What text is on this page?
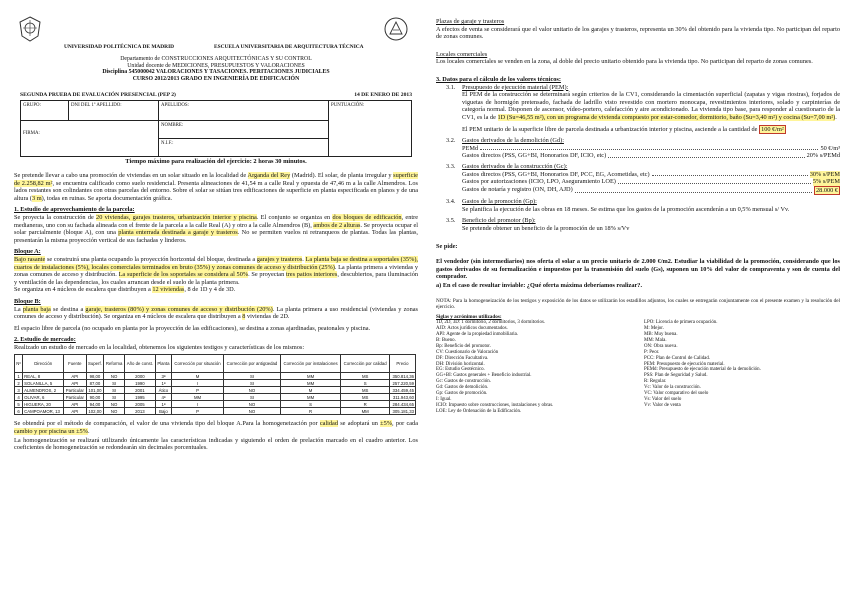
UNIVERSIDAD POLITÉCNICA DE MADRID	ESCUELA UNIVERSITARIA DE ARQUITECTURA TÉCNICA
Departamento de CONSTRUCCIONES ARQUITECTÓNICAS Y SU CONTROL
Unidad docente de MEDICIONES, PRESUPUESTOS Y VALORACIONES
Disciplina 545000042 VALORACIONES Y TASACIONES. PERITACIONES JUDICIALES
CURSO 2012/2013 GRADO EN INGENIERÍA DE EDIFICACIÓN
SEGUNDA PRUEBA DE EVALUACIÓN PRESENCIAL (PEP 2)	14 DE ENERO DE 2013
GRUPO:	DNI DEL 1º APELLIDO:	APELLIDOS:	PUNTUACIÓN:

FIRMA:		NOMBRE:	
		N.I.F.:	
Tiempo máximo para realización del ejercicio: 2 horas 30 minutos.

Se pretende llevar a cabo una promoción de viviendas en un solar situado en la localidad de Arganda del Rey (Madrid). El solar, de planta irregular y superficie de 2.258,82 m², se encuentra calificado como suelo residencial. Presenta alineaciones de 41,54 m a calle Real y opuesta de 47,46 m a la calle Almendros. Los lados restantes son colindantes con otras parcelas del entorno. Sobre el solar se sitúan tres edificaciones de superficie en planta especificada en planos y de una altura (3 m), todas en ruinas. Se aporta documentación gráfica.

1. Estudio de aprovechamiento de la parcela:

Se proyecta la construcción de 20 viviendas, garajes trasteros, urbanización interior y piscina. El conjunto se organiza en dos bloques de edificación, entre medianeras, uno con su fachada alineada con el frente de la parcela a la calle Real (A) y otro a la calle Almendros (B), ambos de 2 alturas. Se proyecta ocupar el solar parcialmente (bloque A), con una planta enterrada destinada a garaje y trasteros. No se permiten vuelos ni retranqueos de plantas. Todas las plantas, presentarán la misma proyección vertical de sus fachadas y linderos.

Bloque A:

Bajo rasante se construirá una planta ocupando la proyección horizontal del bloque, destinada a garajes y trasteros. La planta baja se destina a soportales (35%), cuartos de instalaciones (5%), locales comerciales terminados en bruto (35%) y zonas comunes de acceso y distribución (25%). La planta primera a viviendas y zonas comunes de acceso y distribución. La superficie de los soportales se considera al 50%. Se proyectan tres patios interiores, descubiertos, para iluminación y ventilación de las dependencias, los cuales arrancan desde el suelo de la planta primera.

Se organiza en 4 núcleos de escalera que distribuyen a 12 viviendas, 8 de 1D y 4 de 3D.

Bloque B:

La planta baja se destina a garaje, trasteros (80%) y zonas comunes de acceso y distribución (20%). La planta primera a uso residencial (viviendas y zonas comunes de acceso y distribución). Se organiza en 4 núcleos de escalera que distribuyen a 8 viviendas de 2D.

El espacio libre de parcela (no ocupado en planta por la proyección de las edificaciones), se destina a zonas ajardinadas, peatonales y piscina.

2. Estudio de mercado:
Realizado un estudio de mercado en la localidad, obtenemos los siguientes testigos y características de los mismos:
Nº	Dirección	Fuente	Superf.	Reforma	Año de const.	Planta	Corrección por situación	Corrección por antigüedad	Corrección por instalaciones	Corrección por calidad	Precio
1	REAL, 8	API	98,00	NO	2000	3ª	M	SI	MM	MS	350.814,36
2	SOLANILLA, 5	API	87,00	SI	1990	1ª	I	SI	MM	S	257.220,59
3	ALMENDROS, 2	Particular	101,00	SI	2001	Ático	P	NO	M	MS	334.459,45
4	OLIVAR, 6	Particular	90,00	SI	1995	4ª	MM	SI	MM	MS	311.943,60
5	HIGUERA, 20	API	94,00	NO	2005	1ª	I	NO	S	R	284.434,65
6	CAMPOAMOR, 13	API	102,00	NO	2013	Bajo	P	NO	R	MM	305.181,33

Se obtendrá por el método de comparación, el valor de una vivienda tipo del bloque A.Para la homogeneización por calidad se adoptará un ±5%, por cada cambio y por piscina un ±5%.

La homogeneización se realizará utilizando únicamente las características indicadas y siguiendo el orden de prelación marcado en el cuadro anterior. Los coeficientes de homogeneización se redondearán sin decimales porcentuales.

Plazas de garaje y trasteros

A efectos de venta se considerará que el valor unitario de los garajes y trasteros, representa un 30% del obtenido para la vivienda tipo. No participan del reparto de zonas comunes.

Locales comerciales

Los locales comerciales se venden en la zona, al doble del precio unitario obtenido para la vivienda tipo. No participan del reparto de zonas comunes.

3. Datos para el cálculo de los valores técnicos:
3.1. Presupuesto de ejecución material (PEM):

El PEM de la construcción se determinará según criterios de la CV1, considerando la cimentación superficial (zapatas y vigas riostras), forjados de viguetas de hormigón pretensado, fachada de ladrillo visto revestido con mortero monocapa, revestimientos interiores, solado y carpinterías de categoría normal. Disponen de ascensor, vídeo-portero, calefacción y aire acondicionado. La vivienda tipo base, para responder al cuestionario de la CV1, es la de 1D (Su=46,55 m²), con un programa de vivienda compuesto por estar-comedor, dormitorio, baño (Su=3,40 m²) y cocina (Su=7,00 m²).

El PEM unitario de la superficie libre de parcela destinada a urbanización interior y piscina, asciende a la cantidad de 100 €/m²

3.2. Gastos derivados de la demolición (Gd):
PEMd	50 €/m³
Gastos directos (PSS, GG+BI, Honorarios DF, ICIO, etc)	20% s/PEMd
3.3. Gastos derivados de la construcción (Gc):
Gastos directos (PSS, GG+BI, Honorarios DF, PCC, EG, Acometidas, etc)	30% s/PEM
Gastos por autorizaciones (ICIO, LPO, Aseguramiento LOE)	5% s/PEM
Gastos de notaría y registro (ON, DH, AJD)	28.000 €
3.4. Gastos de la promoción (Gp):

Se planifica la ejecución de las obras en 18 meses. Se estima que los gastos de la promoción ascenderán a un 0,5% mensual s/ Vv.

3.5. Beneficio del promotor (Bp):

Se pretende obtener un beneficio de la promoción de un 18% s/Vv

Se pide:

El vendedor (sin intermediarios) nos oferta el solar a un precio unitario de 2.000 €/m2. Estudiar la viabilidad de la promoción, considerando que los gastos derivados de su formalización e impuestos por la transmisión del suelo (Gs), suponen un 10% del valor de compraventa y son de cuenta del comprador.

a) En el caso de resultar inviable: ¿Qué oferta máxima deberíamos realizar?.

NOTA: Para la homogeneización de los testigos y exposición de los datos se utilizarán los estadillos adjuntos, los cuales se entregarán conjuntamente con el presente examen y la resolución del ejercicio.

Siglas y acrónimos utilizados:
1D, 2D, 3D: 1 dormitorio, 2 dormitorios, 3 dormitorios.
AJD: Actos jurídicos documentados.
API: Agente de la propiedad inmobiliaria.
B: Bueno.
Bp: Beneficio del promotor.
CV: Cuestionario de Valoración
DF: Dirección Facultativa.
DH: División horizontal.
EG: Estudio Geotécnico.
GG+BI: Gastos generales + Beneficio industrial.
Gc: Gastos de construcción.
Gd: Gastos de demolición.
Gp: Gastos de promoción.
I: Igual.
ICIO: Impuesto sobre construcciones, instalaciones y obras.
LOE: Ley de Ordenación de la Edificación.
LPO: Licencia de primera ocupación.
M: Mejor.
MB: Muy buena.
MM: Mala.
ON: Obra nueva.
P: Peor.
PCC: Plan de Control de Calidad.
PEM: Presupuesto de ejecución material.
PEMd: Presupuesto de ejecución material de la demolición.
PSS: Plan de Seguridad y Salud.
R: Regular.
Vc: Valor de la construcción.
VC: Valor comparativo del suelo
Vs: Valor del suelo
Vv: Valor de venta
